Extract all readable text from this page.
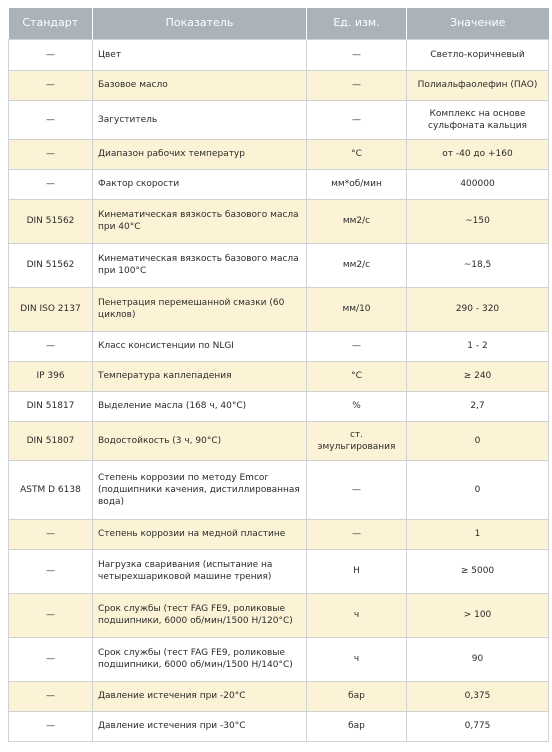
Стандарт	Показатель	Ед. изм.	Значение
—	Цвет	—	Светло-коричневый
—	Базовое масло	—	Полиальфаолефин (ПАО)
—	Загуститель	—	Комплекс на основе сульфоната кальция
—	Диапазон рабочих температур	°C	от -40 до +160
—	Фактор скорости	мм*об/мин	400000
DIN 51562	Кинематическая вязкость базового масла при 40°C	мм2/с	~150
DIN 51562	Кинематическая вязкость базового масла при 100°C	мм2/с	~18,5
DIN ISO 2137	Пенетрация перемешанной смазки (60 циклов)	мм/10	290 - 320
—	Класс консистенции по NLGI	—	1 - 2
IP 396	Температура каплепадения	°C	≥ 240
DIN 51817	Выделение масла (168 ч, 40°C)	%	2,7
DIN 51807	Водостойкость (3 ч, 90°C)	ст. эмульгирования	0
ASTM D 6138	Степень коррозии по методу Emcor (подшипники качения, дистиллированная вода)	—	0
—	Степень коррозии на медной пластине	—	1
—	Нагрузка сваривания (испытание на четырехшариковой машине трения)	Н	≥ 5000
—	Срок службы (тест FAG FE9, роликовые подшипники, 6000 об/мин/1500 Н/120°C)	ч	> 100
—	Срок службы (тест FAG FE9, роликовые подшипники, 6000 об/мин/1500 Н/140°C)	ч	90
—	Давление истечения при -20°C	бар	0,375
—	Давление истечения при -30°C	бар	0,775
